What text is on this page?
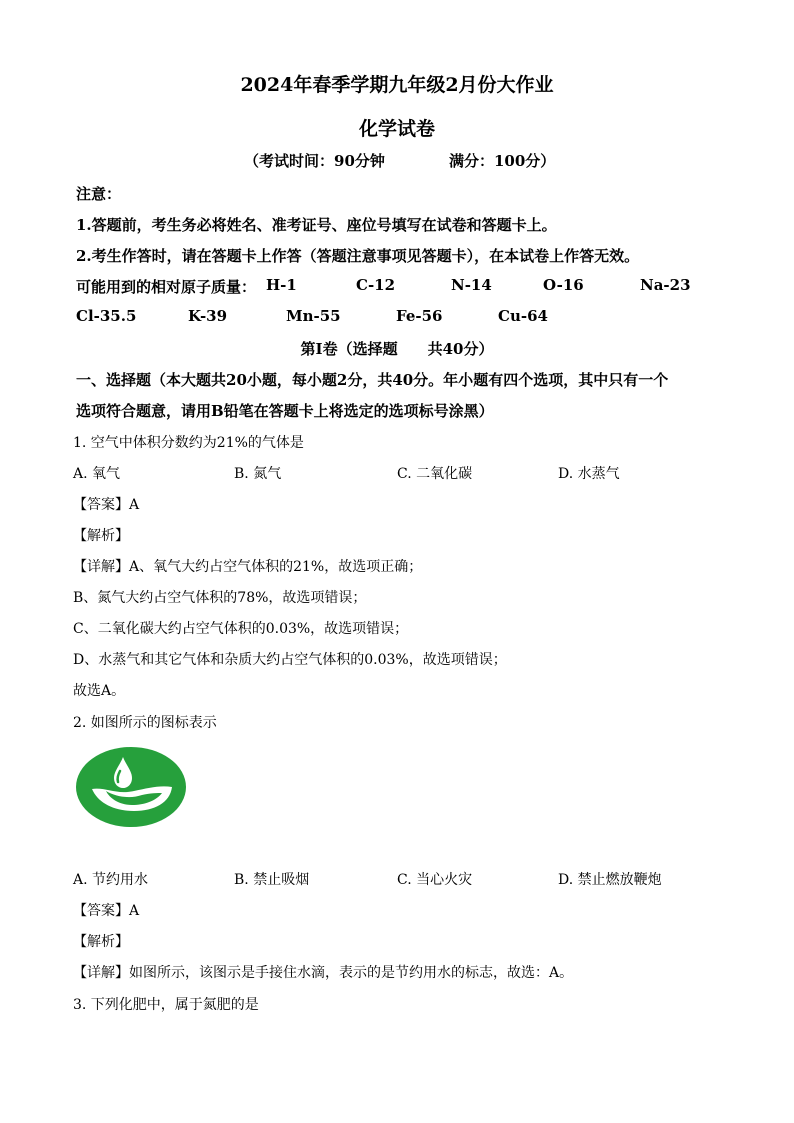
2024年春季学期九年级2月份大作业
化学试卷
（考试时间：90分钟	满分：100分）
注意：
1.答题前，考生务必将姓名、准考证号、座位号填写在试卷和答题卡上。
2.考生作答时，请在答题卡上作答（答题注意事项见答题卡），在本试卷上作答无效。
可能用到的相对原子质量： H-1	C-12	N-14	O-16	Na-23
Cl-35.5	K-39	Mn-55	Fe-56	Cu-64
第Ⅰ卷（选择题　　共40分）
一、选择题（本大题共20小题，每小题2分，共40分。年小题有四个选项，其中只有一个
选项符合题意，请用B铅笔在答题卡上将选定的选项标号涂黑）
1. 空气中体积分数约为21%的气体是
A. 氧气	B. 氮气	C. 二氧化碳	D. 水蒸气
【答案】A
【解析】
【详解】A、氧气大约占空气体积的21%，故选项正确；
B、氮气大约占空气体积的78%，故选项错误；
C、二氧化碳大约占空气体积的0.03%，故选项错误；
D、水蒸气和其它气体和杂质大约占空气体积的0.03%，故选项错误；
故选A。
2. 如图所示的图标表示
A. 节约用水	B. 禁止吸烟	C. 当心火灾	D. 禁止燃放鞭炮
【答案】A
【解析】
【详解】如图所示，该图示是手接住水滴，表示的是节约用水的标志，故选：A。
3. 下列化肥中，属于氮肥的是
